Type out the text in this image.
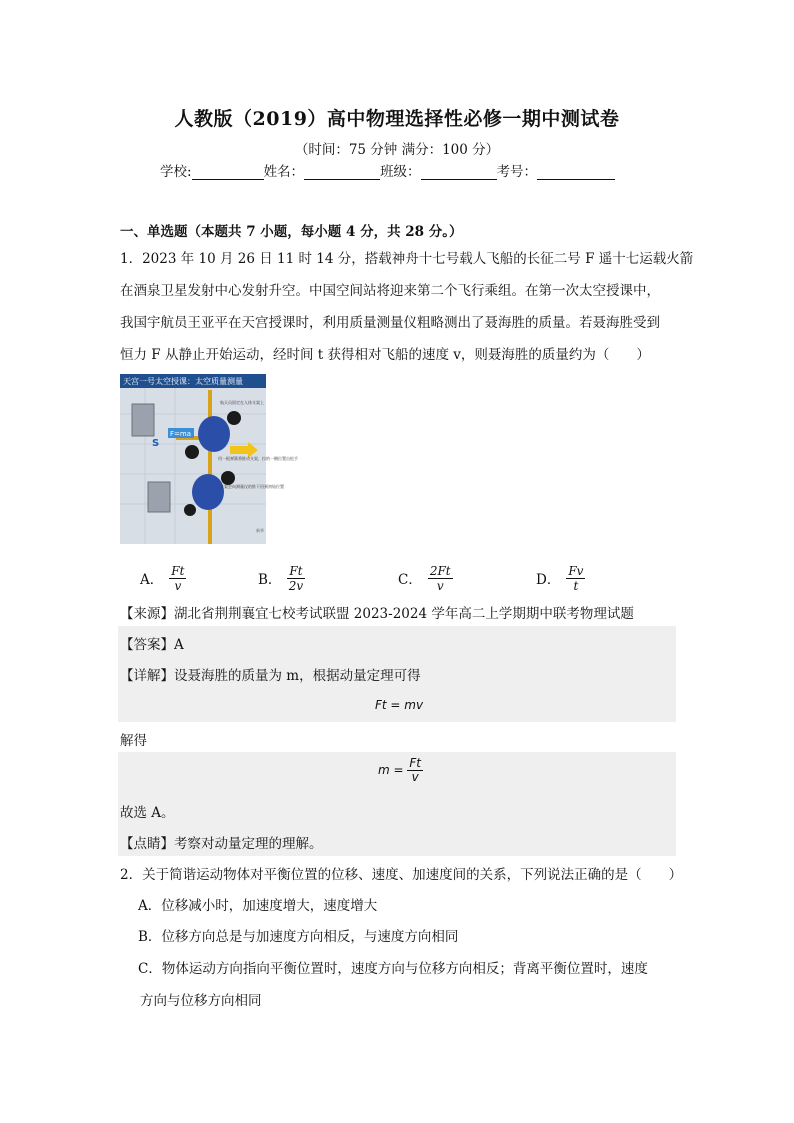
人教版（2019）高中物理选择性必修一期中测试卷
（时间：75 分钟 满分：100 分）
学校:	姓名：	班级：	考号：
一、单选题（本题共 7 小题，每小题 4 分，共 28 分。）
1．2023 年 10 月 26 日 11 时 14 分，搭载神舟十七号载人飞船的长征二号 F 遥十七运载火箭
在酒泉卫星发射中心发射升空。中国空间站将迎来第二个飞行乘组。在第一次太空授课中，
我国宇航员王亚平在天宫授课时，利用质量测量仪粗略测出了聂海胜的质量。若聂海胜受到
恒力 F 从静止开始运动，经时间 t 获得相对飞船的速度 v，则聂海胜的质量约为（　　）
天宫一号太空授课：太空质量测量
F=ma
S
航天员固定在人体支架上
用一根弹簧将推动支架，拉的一侧位置自松手
支架会向测量仪的推下回到初始位置
新华
A． $\frac{Ft}{v}$	B． $\frac{Ft}{2v}$	C． $\frac{2Ft}{v}$	D． $\frac{Fv}{t}$
【来源】湖北省荆荆襄宜七校考试联盟 2023-2024 学年高二上学期期中联考物理试题
【答案】A
【详解】设聂海胜的质量为 m，根据动量定理可得
Ft = mv
解得
$m = \frac{Ft}{v}$
故选 A。
【点睛】考察对动量定理的理解。
2．关于简谐运动物体对平衡位置的位移、速度、加速度间的关系，下列说法正确的是（　　）
A．位移减小时，加速度增大，速度增大
B．位移方向总是与加速度方向相反，与速度方向相同
C．物体运动方向指向平衡位置时，速度方向与位移方向相反；背离平衡位置时，速度
方向与位移方向相同
